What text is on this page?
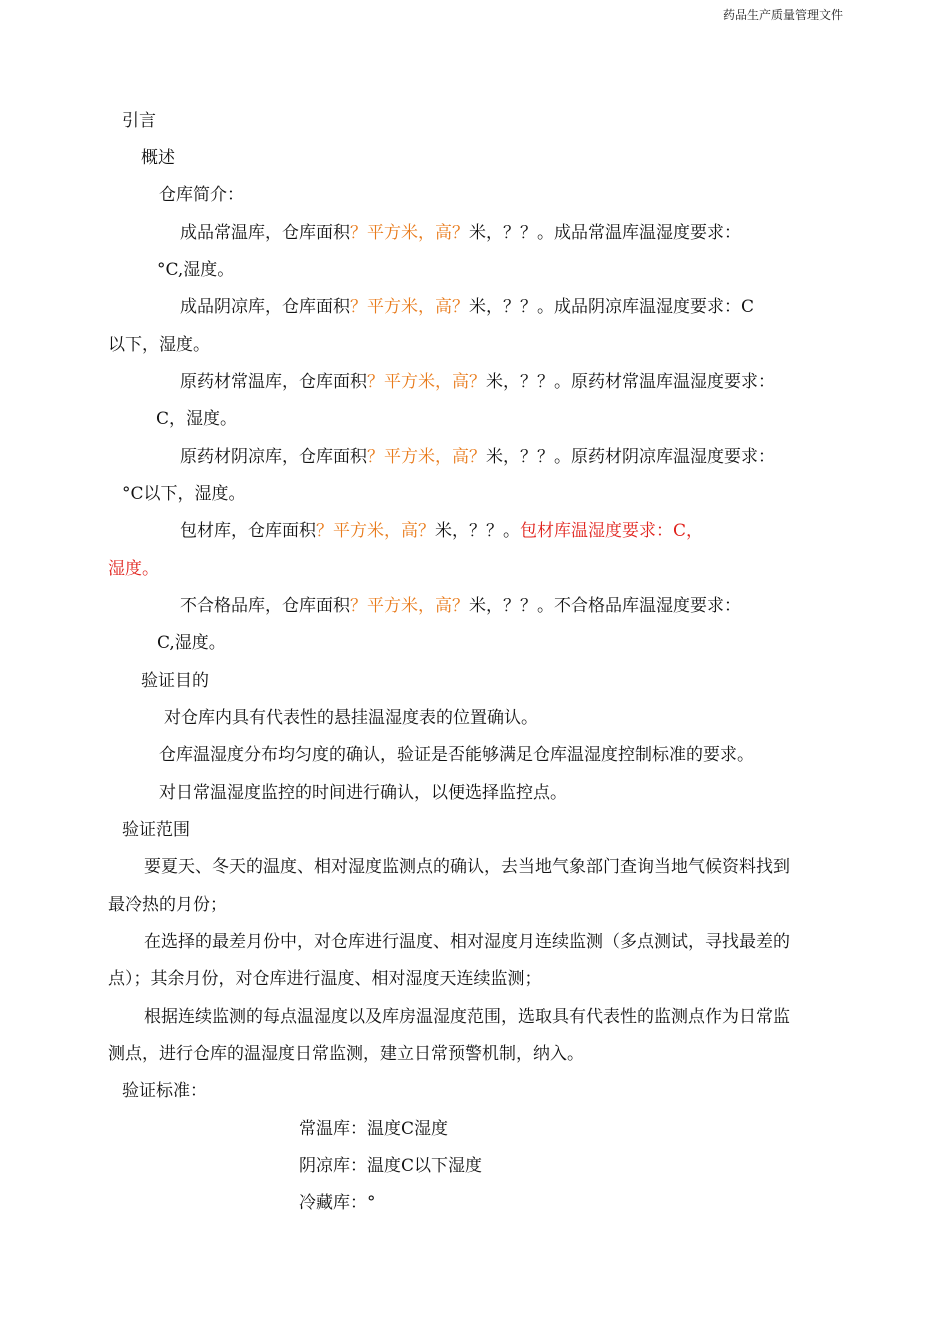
药品生产质量管理文件
引言
概述
仓库简介：
成品常温库，仓库面积？平方米，高？米，？？。成品常温库温湿度要求：
°C,湿度。
成品阴凉库，仓库面积？平方米，高？米，？？。成品阴凉库温湿度要求：C
以下，湿度。
原药材常温库，仓库面积？平方米，高？米，？？。原药材常温库温湿度要求：
C，湿度。
原药材阴凉库，仓库面积？平方米，高？米，？？。原药材阴凉库温湿度要求：
°C以下，湿度。
包材库，仓库面积？平方米，高？米，？？。包材库温湿度要求：C，
湿度。
不合格品库，仓库面积？平方米，高？米，？？。不合格品库温湿度要求：
C,湿度。
验证目的
对仓库内具有代表性的悬挂温湿度表的位置确认。
仓库温湿度分布均匀度的确认，验证是否能够满足仓库温湿度控制标准的要求。
对日常温湿度监控的时间进行确认，以便选择监控点。
验证范围
要夏天、冬天的温度、相对湿度监测点的确认，去当地气象部门查询当地气候资料找到
最冷热的月份；
在选择的最差月份中，对仓库进行温度、相对湿度月连续监测（多点测试，寻找最差的
点）；其余月份，对仓库进行温度、相对湿度天连续监测；
根据连续监测的每点温湿度以及库房温湿度范围，选取具有代表性的监测点作为日常监
测点，进行仓库的温湿度日常监测，建立日常预警机制，纳入。
验证标准：
常温库：温度C湿度
阴凉库：温度C以下湿度
冷藏库：°
